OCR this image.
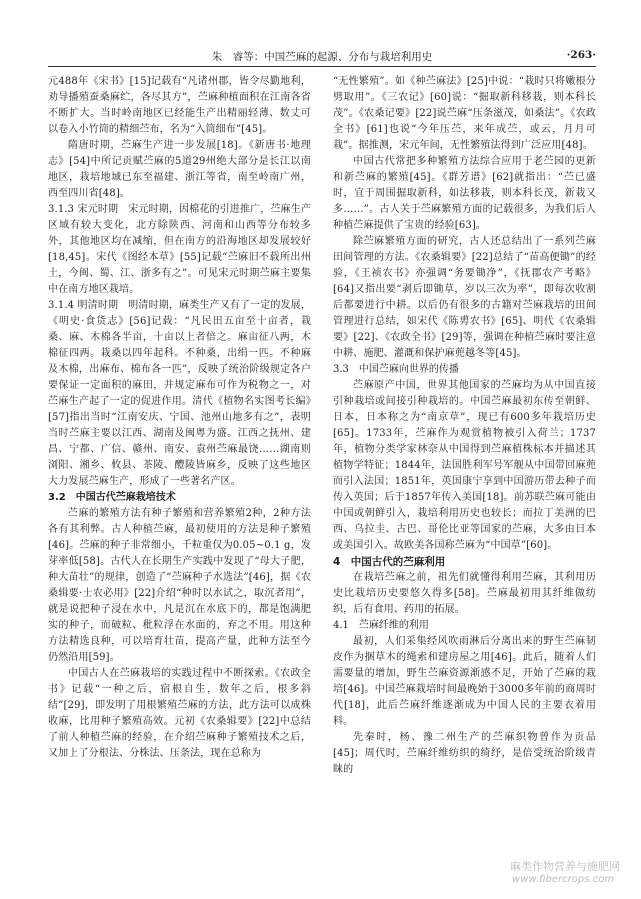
朱　睿等：中国苎麻的起源、分布与栽培利用史	·263·

元488年《宋书》[15]记载有“凡诸州郡，皆令尽勤地利，劝导播殖蚕桑麻纻，各尽其方”，苎麻种植面积在江南各省不断扩大。当时岭南地区已经能生产出精丽轻薄、数丈可以卷入小竹筒的精细苎布，名为“入筒细布”[45]。

隋唐时期，苎麻生产进一步发展[18]。《新唐书·地理志》[54]中所记贡赋苎麻的5道29州绝大部分是长江以南地区，栽培地域已东至福建、浙江等省，南至岭南广州，西至四川省[48]。

3.1.3 宋元时期　宋元时期，因棉花的引进推广，苎麻生产区域有较大变化，北方除陕西、河南和山西等分布较多外，其他地区均在减缩，但在南方的沿海地区却发展较好[18,45]。宋代《图经本草》[55]记载“苎麻旧不载所出州土，今闽、蜀、江、浙多有之”。可见宋元时期苎麻主要集中在南方地区栽培。

3.1.4 明清时期　明清时期，麻类生产又有了一定的发展，《明史·食货志》[56]记载：“凡民田五亩至十亩者，栽桑、麻、木棉各半亩，十亩以上者倍之。麻亩征八两，木棉征四两。栽桑以四年起科。不种桑，出绢一匹。不种麻及木棉，出麻布、棉布各一匹”，反映了统治阶级规定各户要保证一定面积的麻田，并规定麻布可作为税物之一，对苎麻生产起了一定的促进作用。清代《植物名实图考长编》[57]指出当时“江南安庆、宁国、池州山地多有之”，表明当时苎麻主要以江西、湖南及闽粤为盛。江西之抚州、建昌、宁都、广信、赣州、南安、袁州苎麻最饶……湖南则浏阳、湘乡、攸县、茶陵、醴陵皆麻乡，反映了这些地区大力发展苎麻生产，形成了一些著名产区。

3.2　中国古代苎麻栽培技术

苎麻的繁殖方法有种子繁殖和营养繁殖2种，2种方法各有其利弊。古人种植苎麻，最初使用的方法是种子繁殖[46]。苎麻的种子非常细小，千粒重仅为0.05~0.1 g，发芽率低[58]。古代人在长期生产实践中发现了“母大子肥，种大苗壮”的规律，创造了“苎麻种子水选法”[46]，据《农桑辑要·士农必用》[22]介绍“种时以水试之，取沉者用”，就是说把种子浸在水中，凡是沉在水底下的，都是饱满肥实的种子，而破粒、秕粒浮在水面的，弃之不用。用这种方法精选良种，可以培育壮苗，提高产量，此种方法至今仍然沿用[59]。

中国古人在苎麻栽培的实践过程中不断探索。《农政全书》记载“一种之后，宿根自生，数年之后，根多斜结”[29]，即发明了用根繁殖苎麻的方法，此方法可以成株收麻，比用种子繁殖高效。元初《农桑辑要》[22]中总结了前人种植苎麻的经验，在介绍苎麻种子繁殖技术之后，又加上了分根法、分株法、压条法，现在总称为

“无性繁殖”。如《种苎麻法》[25]中说：“栽时只将嫩根分劈取用”。《三农记》[60]说：“掘取新科移栽，则本科长茂”。《农桑记要》[22]说苎麻“压条滋茂，如桑法”。《农政全书》[61]也说“今年压苎，来年成苎，或云，月月可栽”。据推测，宋元年间，无性繁殖法得到广泛应用[48]。

中国古代常把多种繁殖方法综合应用于老苎园的更新和新苎麻的繁殖[45]。《群芳谱》[62]就指出：“苎已盛时，宜于周围掘取新科，如法移栽，则本科长茂，新栽又多……”。古人关于苎麻繁殖方面的记载很多，为我们后人种植苎麻提供了宝贵的经验[63]。

除苎麻繁殖方面的研究，古人还总结出了一系列苎麻田间管理的方法。《农桑辑要》[22]总结了“苗高便锄”的经验，《王祯农书》亦强调“务要锄净”，《抚郡农产考略》[64]又指出要“剥后即锄草，岁以三次为率”，即每次收割后都要进行中耕。以后仍有很多的古籍对苎麻栽培的田间管理进行总结，如宋代《陈旉农书》[65]、明代《农桑辑要》[22]、《农政全书》[29]等，强调在种植苎麻时要注意中耕、施肥、灌溉和保护麻蔸越冬等[45]。

3.3　中国苎麻向世界的传播

苎麻原产中国，世界其他国家的苎麻均为从中国直接引种栽培或间接引种栽培的。中国苎麻最初东传至朝鲜、日本，日本称之为“南京草”，现已有600多年栽培历史[65]。1733年，苎麻作为观赏植物被引入荷兰；1737年，植物分类学家林奈从中国得到苎麻植株标本并描述其植物学特征；1844年，法国胜利军号军舰从中国带回麻蔸而引入法国；1851年，英国康宁享到中国游历带去种子而传入英国；后于1857年传入美国[18]。前苏联苎麻可能由中国或朝鲜引入，栽培利用历史也较长；而拉丁美洲的巴西、乌拉圭、古巴、哥伦比亚等国家的苎麻，大多由日本或美国引入。故欧美各国称苎麻为“中国草”[60]。

4　中国古代的苎麻利用

在栽培苎麻之前，祖先们就懂得利用苎麻，其利用历史比栽培历史要悠久得多[58]。苎麻最初用其纤维做纺织，后有食用、药用的拓展。

4.1　苎麻纤维的利用

最初，人们采集经风吹雨淋后分离出来的野生苎麻韧皮作为捆草木的绳索和建房屋之用[46]。此后，随着人们需要量的增加，野生苎麻资源渐感不足，开始了苎麻的栽培[46]。中国苎麻栽培时间最晚始于3000多年前的商周时代[18]，此后苎麻纤维逐渐成为中国人民的主要衣着用料。

先秦时，杨、豫二州生产的苎麻织物曾作为贡品[45]；周代时，苎麻纤维纺织的绮纾，是倍受统治阶级青睐的

麻类作物营养与施肥网
www.fibercrops.com
